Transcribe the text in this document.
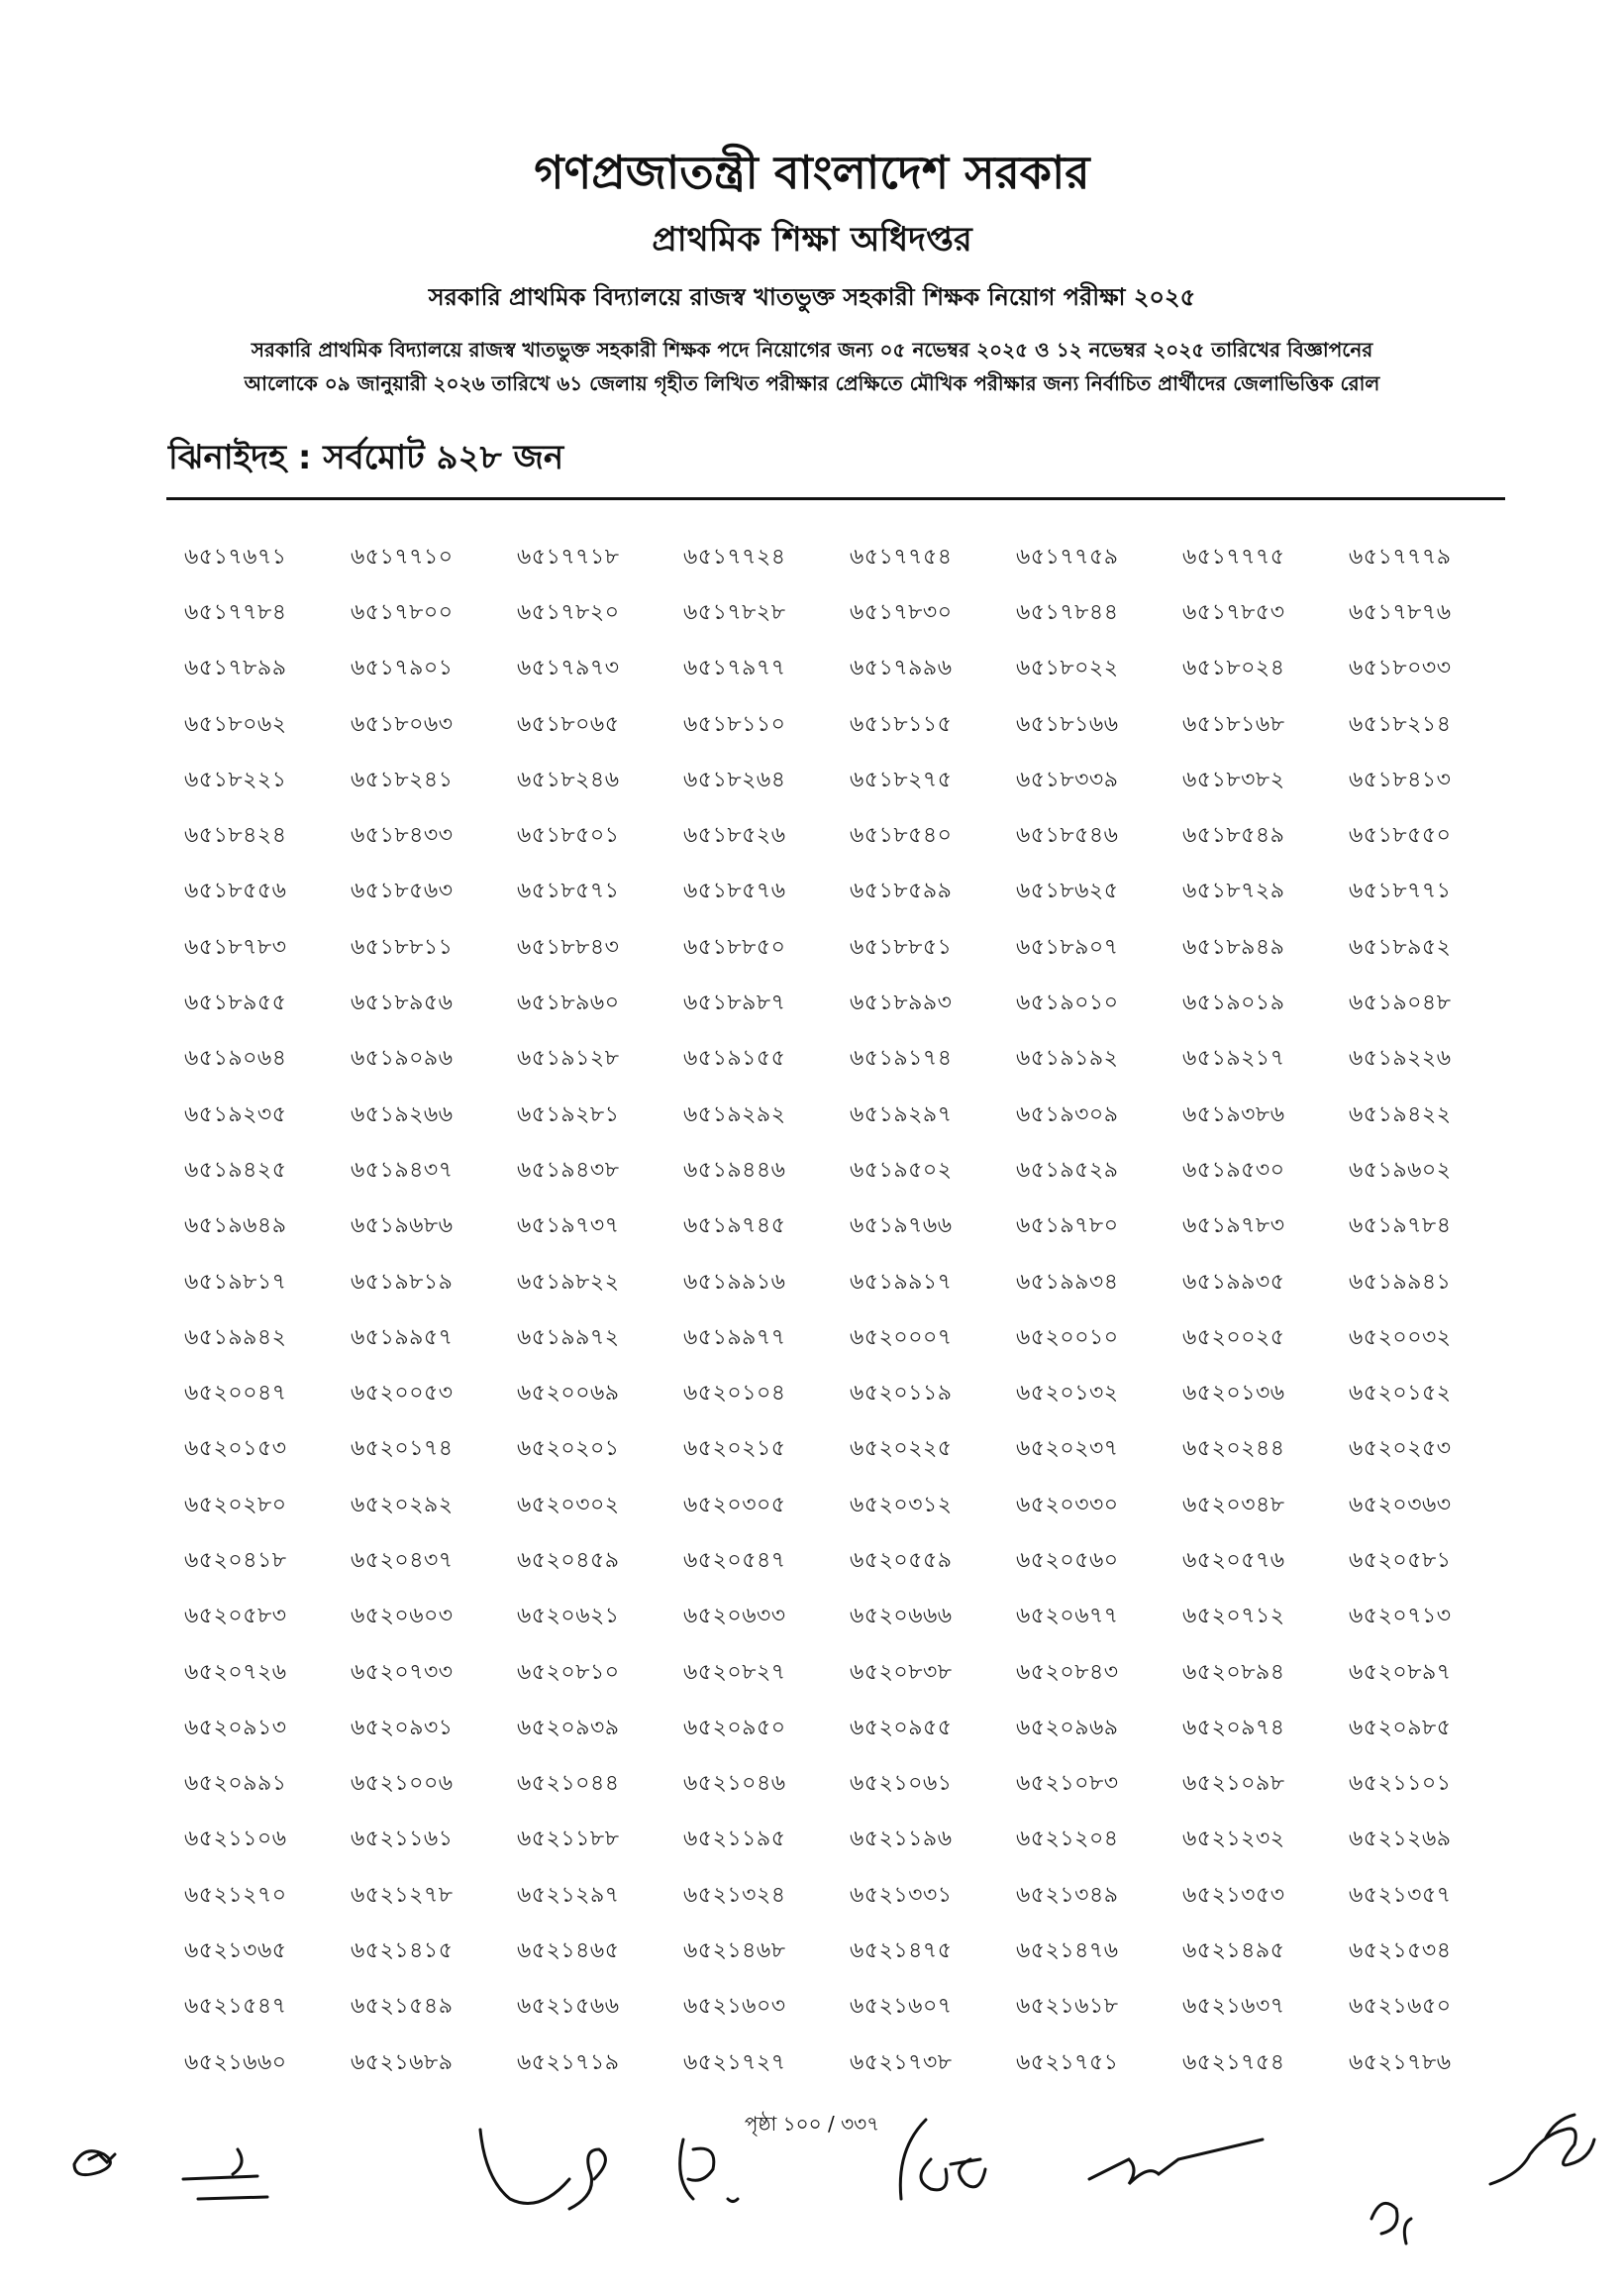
গণপ্রজাতন্ত্রী বাংলাদেশ সরকার
প্রাথমিক শিক্ষা অধিদপ্তর
সরকারি প্রাথমিক বিদ্যালয়ে রাজস্ব খাতভুক্ত সহকারী শিক্ষক নিয়োগ পরীক্ষা ২০২৫
সরকারি প্রাথমিক বিদ্যালয়ে রাজস্ব খাতভুক্ত সহকারী শিক্ষক পদে নিয়োগের জন্য ০৫ নভেম্বর ২০২৫ ও ১২ নভেম্বর ২০২৫ তারিখের বিজ্ঞাপনের
আলোকে ০৯ জানুয়ারী ২০২৬ তারিখে ৬১ জেলায় গৃহীত লিখিত পরীক্ষার প্রেক্ষিতে মৌখিক পরীক্ষার জন্য নির্বাচিত প্রার্থীদের জেলাভিত্তিক রোল
ঝিনাইদহ : সর্বমোট ৯২৮ জন
৬৫১৭৬৭১	৬৫১৭৭১০	৬৫১৭৭১৮	৬৫১৭৭২৪	৬৫১৭৭৫৪	৬৫১৭৭৫৯	৬৫১৭৭৭৫	৬৫১৭৭৭৯
৬৫১৭৭৮৪	৬৫১৭৮০০	৬৫১৭৮২০	৬৫১৭৮২৮	৬৫১৭৮৩০	৬৫১৭৮৪৪	৬৫১৭৮৫৩	৬৫১৭৮৭৬
৬৫১৭৮৯৯	৬৫১৭৯০১	৬৫১৭৯৭৩	৬৫১৭৯৭৭	৬৫১৭৯৯৬	৬৫১৮০২২	৬৫১৮০২৪	৬৫১৮০৩৩
৬৫১৮০৬২	৬৫১৮০৬৩	৬৫১৮০৬৫	৬৫১৮১১০	৬৫১৮১১৫	৬৫১৮১৬৬	৬৫১৮১৬৮	৬৫১৮২১৪
৬৫১৮২২১	৬৫১৮২৪১	৬৫১৮২৪৬	৬৫১৮২৬৪	৬৫১৮২৭৫	৬৫১৮৩৩৯	৬৫১৮৩৮২	৬৫১৮৪১৩
৬৫১৮৪২৪	৬৫১৮৪৩৩	৬৫১৮৫০১	৬৫১৮৫২৬	৬৫১৮৫৪০	৬৫১৮৫৪৬	৬৫১৮৫৪৯	৬৫১৮৫৫০
৬৫১৮৫৫৬	৬৫১৮৫৬৩	৬৫১৮৫৭১	৬৫১৮৫৭৬	৬৫১৮৫৯৯	৬৫১৮৬২৫	৬৫১৮৭২৯	৬৫১৮৭৭১
৬৫১৮৭৮৩	৬৫১৮৮১১	৬৫১৮৮৪৩	৬৫১৮৮৫০	৬৫১৮৮৫১	৬৫১৮৯০৭	৬৫১৮৯৪৯	৬৫১৮৯৫২
৬৫১৮৯৫৫	৬৫১৮৯৫৬	৬৫১৮৯৬০	৬৫১৮৯৮৭	৬৫১৮৯৯৩	৬৫১৯০১০	৬৫১৯০১৯	৬৫১৯০৪৮
৬৫১৯০৬৪	৬৫১৯০৯৬	৬৫১৯১২৮	৬৫১৯১৫৫	৬৫১৯১৭৪	৬৫১৯১৯২	৬৫১৯২১৭	৬৫১৯২২৬
৬৫১৯২৩৫	৬৫১৯২৬৬	৬৫১৯২৮১	৬৫১৯২৯২	৬৫১৯২৯৭	৬৫১৯৩০৯	৬৫১৯৩৮৬	৬৫১৯৪২২
৬৫১৯৪২৫	৬৫১৯৪৩৭	৬৫১৯৪৩৮	৬৫১৯৪৪৬	৬৫১৯৫০২	৬৫১৯৫২৯	৬৫১৯৫৩০	৬৫১৯৬০২
৬৫১৯৬৪৯	৬৫১৯৬৮৬	৬৫১৯৭৩৭	৬৫১৯৭৪৫	৬৫১৯৭৬৬	৬৫১৯৭৮০	৬৫১৯৭৮৩	৬৫১৯৭৮৪
৬৫১৯৮১৭	৬৫১৯৮১৯	৬৫১৯৮২২	৬৫১৯৯১৬	৬৫১৯৯১৭	৬৫১৯৯৩৪	৬৫১৯৯৩৫	৬৫১৯৯৪১
৬৫১৯৯৪২	৬৫১৯৯৫৭	৬৫১৯৯৭২	৬৫১৯৯৭৭	৬৫২০০০৭	৬৫২০০১০	৬৫২০০২৫	৬৫২০০৩২
৬৫২০০৪৭	৬৫২০০৫৩	৬৫২০০৬৯	৬৫২০১০৪	৬৫২০১১৯	৬৫২০১৩২	৬৫২০১৩৬	৬৫২০১৫২
৬৫২০১৫৩	৬৫২০১৭৪	৬৫২০২০১	৬৫২০২১৫	৬৫২০২২৫	৬৫২০২৩৭	৬৫২০২৪৪	৬৫২০২৫৩
৬৫২০২৮০	৬৫২০২৯২	৬৫২০৩০২	৬৫২০৩০৫	৬৫২০৩১২	৬৫২০৩৩০	৬৫২০৩৪৮	৬৫২০৩৬৩
৬৫২০৪১৮	৬৫২০৪৩৭	৬৫২০৪৫৯	৬৫২০৫৪৭	৬৫২০৫৫৯	৬৫২০৫৬০	৬৫২০৫৭৬	৬৫২০৫৮১
৬৫২০৫৮৩	৬৫২০৬০৩	৬৫২০৬২১	৬৫২০৬৩৩	৬৫২০৬৬৬	৬৫২০৬৭৭	৬৫২০৭১২	৬৫২০৭১৩
৬৫২০৭২৬	৬৫২০৭৩৩	৬৫২০৮১০	৬৫২০৮২৭	৬৫২০৮৩৮	৬৫২০৮৪৩	৬৫২০৮৯৪	৬৫২০৮৯৭
৬৫২০৯১৩	৬৫২০৯৩১	৬৫২০৯৩৯	৬৫২০৯৫০	৬৫২০৯৫৫	৬৫২০৯৬৯	৬৫২০৯৭৪	৬৫২০৯৮৫
৬৫২০৯৯১	৬৫২১০০৬	৬৫২১০৪৪	৬৫২১০৪৬	৬৫২১০৬১	৬৫২১০৮৩	৬৫২১০৯৮	৬৫২১১০১
৬৫২১১০৬	৬৫২১১৬১	৬৫২১১৮৮	৬৫২১১৯৫	৬৫২১১৯৬	৬৫২১২০৪	৬৫২১২৩২	৬৫২১২৬৯
৬৫২১২৭০	৬৫২১২৭৮	৬৫২১২৯৭	৬৫২১৩২৪	৬৫২১৩৩১	৬৫২১৩৪৯	৬৫২১৩৫৩	৬৫২১৩৫৭
৬৫২১৩৬৫	৬৫২১৪১৫	৬৫২১৪৬৫	৬৫২১৪৬৮	৬৫২১৪৭৫	৬৫২১৪৭৬	৬৫২১৪৯৫	৬৫২১৫৩৪
৬৫২১৫৪৭	৬৫২১৫৪৯	৬৫২১৫৬৬	৬৫২১৬০৩	৬৫২১৬০৭	৬৫২১৬১৮	৬৫২১৬৩৭	৬৫২১৬৫০
৬৫২১৬৬০	৬৫২১৬৮৯	৬৫২১৭১৯	৬৫২১৭২৭	৬৫২১৭৩৮	৬৫২১৭৫১	৬৫২১৭৫৪	৬৫২১৭৮৬
পৃষ্ঠা ১০০ / ৩৩৭
